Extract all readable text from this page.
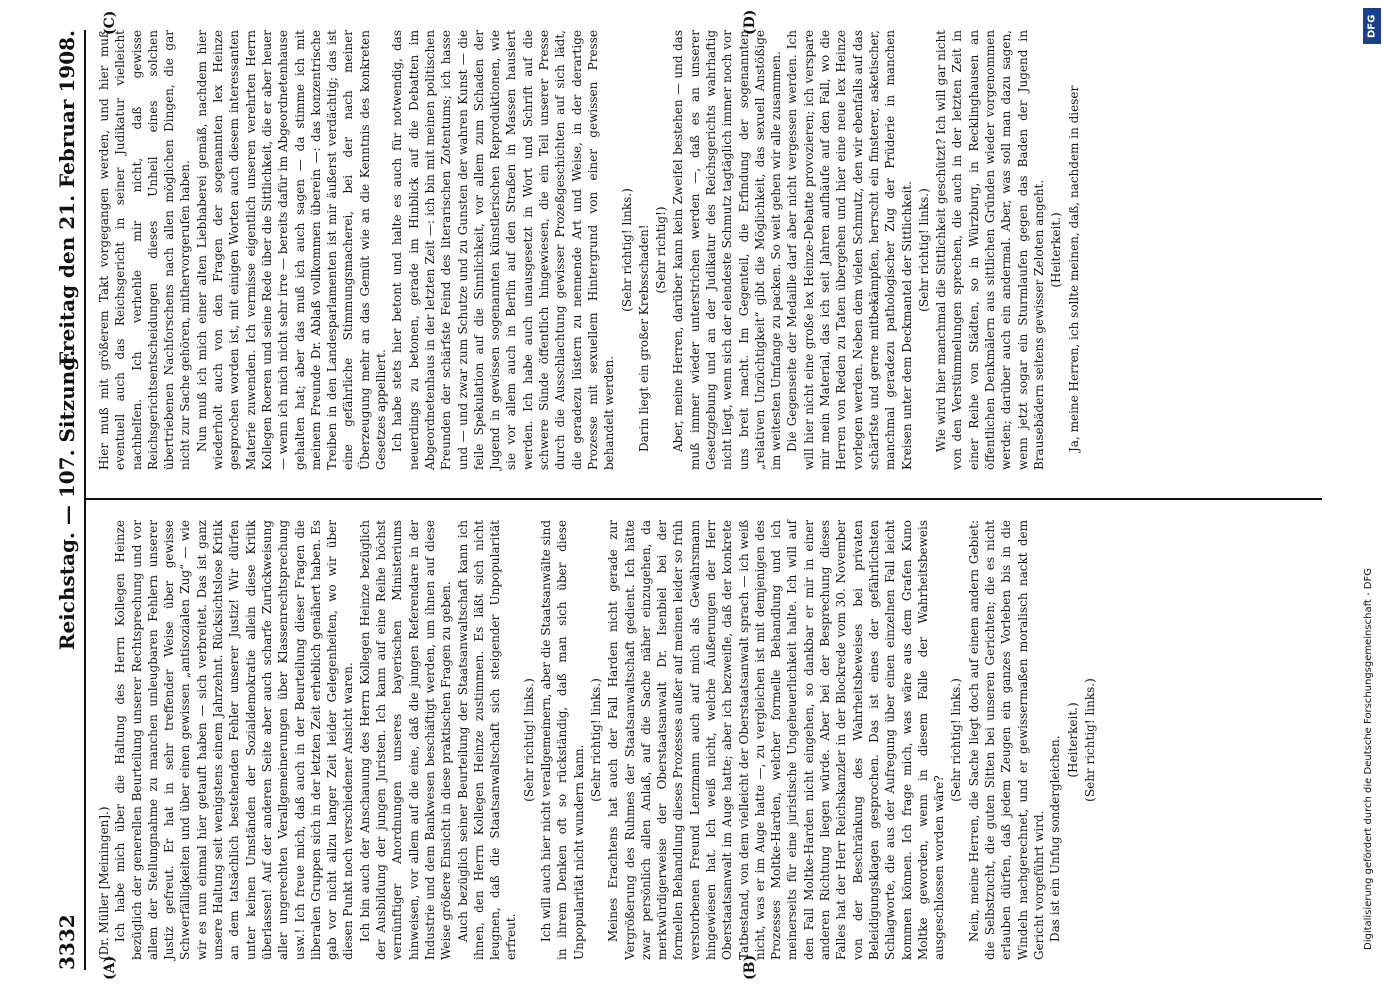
3332
Reichstag. — 107. Sitzung.
Freitag den 21. Februar 1908.
(A)	(B)
(C)	(D)

(Dr. Müller [Meiningen].) Ich habe mich über die Haltung des Herrn Kollegen Heinze bezüglich der generellen Beurteilung unserer Rechtsprechung und vor allem der Stellungnahme zu manchen unleugbaren Fehlern unserer Justiz gefreut. Er hat in sehr treffender Weise über gewisse Schwerfälligkeiten und über einen gewissen „antisozialen Zug“ — wie wir es nun einmal hier getauft haben — sich verbreitet. Das ist ganz unsere Haltung seit wenigstens einem Jahrzehnt. Rücksichtslose Kritik an dem tatsächlich bestehenden Fehler unserer Justiz! Wir dürfen unter keinen Umständen der Sozialdemokratie allein diese Kritik überlassen! Auf der anderen Seite aber auch scharfe Zurückweisung aller ungerechten Verallgemeinerungen über Klassenrechtsprechung usw.! Ich freue mich, daß auch in der Beurteilung dieser Fragen die liberalen Gruppen sich in der letzten Zeit erheblich genähert haben. Es gab vor nicht allzu langer Zeit leider Gelegenheiten, wo wir über diesen Punkt noch verschiedener Ansicht waren. Ich bin auch der Anschauung des Herrn Kollegen Heinze bezüglich der Ausbildung der jungen Juristen. Ich kann auf eine Reihe höchst vernünftiger Anordnungen unseres bayerischen Ministeriums hinweisen, vor allem auf die eine, daß die jungen Referendare in der Industrie und dem Bankwesen beschäftigt werden, um ihnen auf diese Weise größere Einsicht in diese praktischen Fragen zu geben. Auch bezüglich seiner Beurteilung der Staatsanwaltschaft kann ich ihnen, den Herrn Kollegen Heinze zustimmen. Es läßt sich nicht leugnen, daß die Staatsanwaltschaft sich steigender Unpopularität erfreut.

(Sehr richtig! links.) Ich will auch hier nicht verallgemeinern, aber die Staatsanwälte sind in ihrem Denken oft so rückständig, daß man sich über diese Unpopularität nicht wundern kann.

(Sehr richtig! links.) Meines Erachtens hat auch der Fall Harden nicht gerade zur Vergrößerung des Ruhmes der Staatsanwaltschaft gedient. Ich hätte zwar persönlich allen Anlaß, auf die Sache näher einzugehen, da merkwürdigerweise der Oberstaatsanwalt Dr. Isenbiel bei der formellen Behandlung dieses Prozesses außer auf meinen leider so früh verstorbenen Freund Lenzmann auch auf mich als Gewährsmann hingewiesen hat. Ich weiß nicht, welche Äußerungen der Herr Oberstaatsanwalt im Auge hatte; aber ich bezweifle, daß der konkrete Tatbestand, von dem vielleicht der Oberstaatsanwalt sprach — ich weiß nicht, was er im Auge hatte —, zu vergleichen ist mit demjenigen des Prozesses Moltke-Harden, welcher formelle Behandlung und ich meinerseits für eine juristische Ungeheuerlichkeit halte. Ich will auf den Fall Moltke-Harden nicht eingehen, so dankbar er mir in einer anderen Richtung liegen würde. Aber bei der Besprechung dieses Falles hat der Herr Reichskanzler in der Blockrede vom 30. November von der Beschränkung des Wahrheitsbeweises bei privaten Beleidigungsklagen gesprochen. Das ist eines der gefährlichsten Schlagworte, die aus der Aufregung über einen einzelnen Fall leicht kommen können. Ich frage mich, was wäre aus dem Grafen Kuno Moltke geworden, wenn in diesem Falle der Wahrheitsbeweis ausgeschlossen worden wäre?

(Sehr richtig! links.) Nein, meine Herren, die Sache liegt doch auf einem andern Gebiet: die Selbstzucht, die guten Sitten bei unseren Gerichten; die es nicht erlauben dürfen, daß jedem Zeugen ein ganzes Vorleben bis in die Windeln nachgerechnet, und er gewissermaßen moralisch nackt dem Gericht vorgeführt wird. Das ist ein Unfug sondergleichen. (Heiterkeit.) (Sehr richtig! links.)

Hier muß mit größerem Takt vorgegangen werden, und hier muß eventuell auch das Reichsgericht in seiner Judikatur vielleicht nachhelfen. Ich verhehle mir nicht, daß gewisse Reichsgerichtsentscheidungen dieses Unheil eines solchen übertriebenen Nachforschens nach allen möglichen Dingen, die gar nicht zur Sache gehören, mithervorgerufen haben. Nun muß ich mich einer alten Liebhaberei gemäß, nachdem hier wiederholt auch von den Fragen der sogenannten lex Heinze gesprochen worden ist, mit einigen Worten auch diesem interessanten Materie zuwenden. Ich vermisse eigentlich unseren verehrten Herrn Kollegen Roeren und seine Rede über die Sittlichkeit, die er aber heuer — wenn ich mich nicht sehr irre — bereits dafür im Abgeordnetenhause gehalten hat; aber das muß ich auch sagen — da stimme ich mit meinem Freunde Dr. Ablaß vollkommen überein —: das konzentrische Treiben in den Landesparlamenten ist mir äußerst verdächtig; das ist eine gefährliche Stimmungsmacherei, bei der nach meiner Überzeugung mehr an das Gemüt wie an die Kenntnis des konkreten Gesetzes appelliert. Ich habe stets hier betont und halte es auch für notwendig, das neuerdings zu betonen, gerade im Hinblick auf die Debatten im Abgeordnetenhaus in der letzten Zeit —: ich bin mit meinen politischen Freunden der schärfste Feind des literarischen Zotentums; ich hasse und — und zwar zum Schutze und zu Gunsten der wahren Kunst — die feile Spekulation auf die Sinnlichkeit, vor allem zum Schaden der Jugend in gewissen sogenannten künstlerischen Reproduktionen, wie sie vor allem auch in Berlin auf den Straßen in Massen hausiert werden. Ich habe auch unausgesetzt in Wort und Schrift auf die schwere Sünde öffentlich hingewiesen, die ein Teil unserer Presse durch die Ausschlachtung gewisser Prozeßgeschichten auf sich lädt, die geradezu lüstern zu nennende Art und Weise, in der derartige Prozesse mit sexuellem Hintergrund von einer gewissen Presse behandelt werden.

(Sehr richtig! links.) Darin liegt ein großer Krebsschaden! (Sehr richtig!) Aber, meine Herren, darüber kann kein Zweifel bestehen — und das muß immer wieder unterstrichen werden —, daß es an unserer Gesetzgebung und an der Judikatur des Reichsgerichts wahrhaftig nicht liegt, wenn sich der elendeste Schmutz tagtäglich immer noch vor uns breit macht. Im Gegenteil, die Erfindung der sogenannten „relativen Unzüchtigkeit“ gibt die Möglichkeit, das sexuell Anstößige im weitesten Umfange zu packen. So weit gehen wir alle zusammen. Die Gegenseite der Medaille darf aber nicht vergessen werden. Ich will hier nicht eine große lex Heinze-Debatte provozieren; ich verspare mir mein Material, das ich seit Jahren aufhäufe auf den Fall, wo die Herren von Reden zu Taten übergehen und hier eine neue lex Heinze vorlegen werden. Neben dem vielen Schmutz, den wir ebenfalls auf das schärfste und gerne mitbekämpfen, herrscht ein finsterer, asketischer, manchmal geradezu pathologischer Zug der Prüderie in manchen Kreisen unter dem Deckmantel der Sittlichkeit. (Sehr richtig! links.) Wie wird hier manchmal die Sittlichkeit geschützt? Ich will gar nicht von den Verstümmelungen sprechen, die auch in der letzten Zeit in einer Reihe von Städten, so in Würzburg, in Recklinghausen an öffentlichen Denkmälern aus sittlichen Gründen wieder vorgenommen werden; darüber auch ein andermal. Aber, was soll man dazu sagen, wenn jetzt sogar ein Sturmlaufen gegen das Baden der Jugend in Brausebädern seitens gewisser Zeloten angeht. (Heiterkeit.) Ja, meine Herren, ich sollte meinen, daß, nachdem in dieser

DFG
Digitalisierung gefördert durch die Deutsche Forschungsgemeinschaft - DFG
